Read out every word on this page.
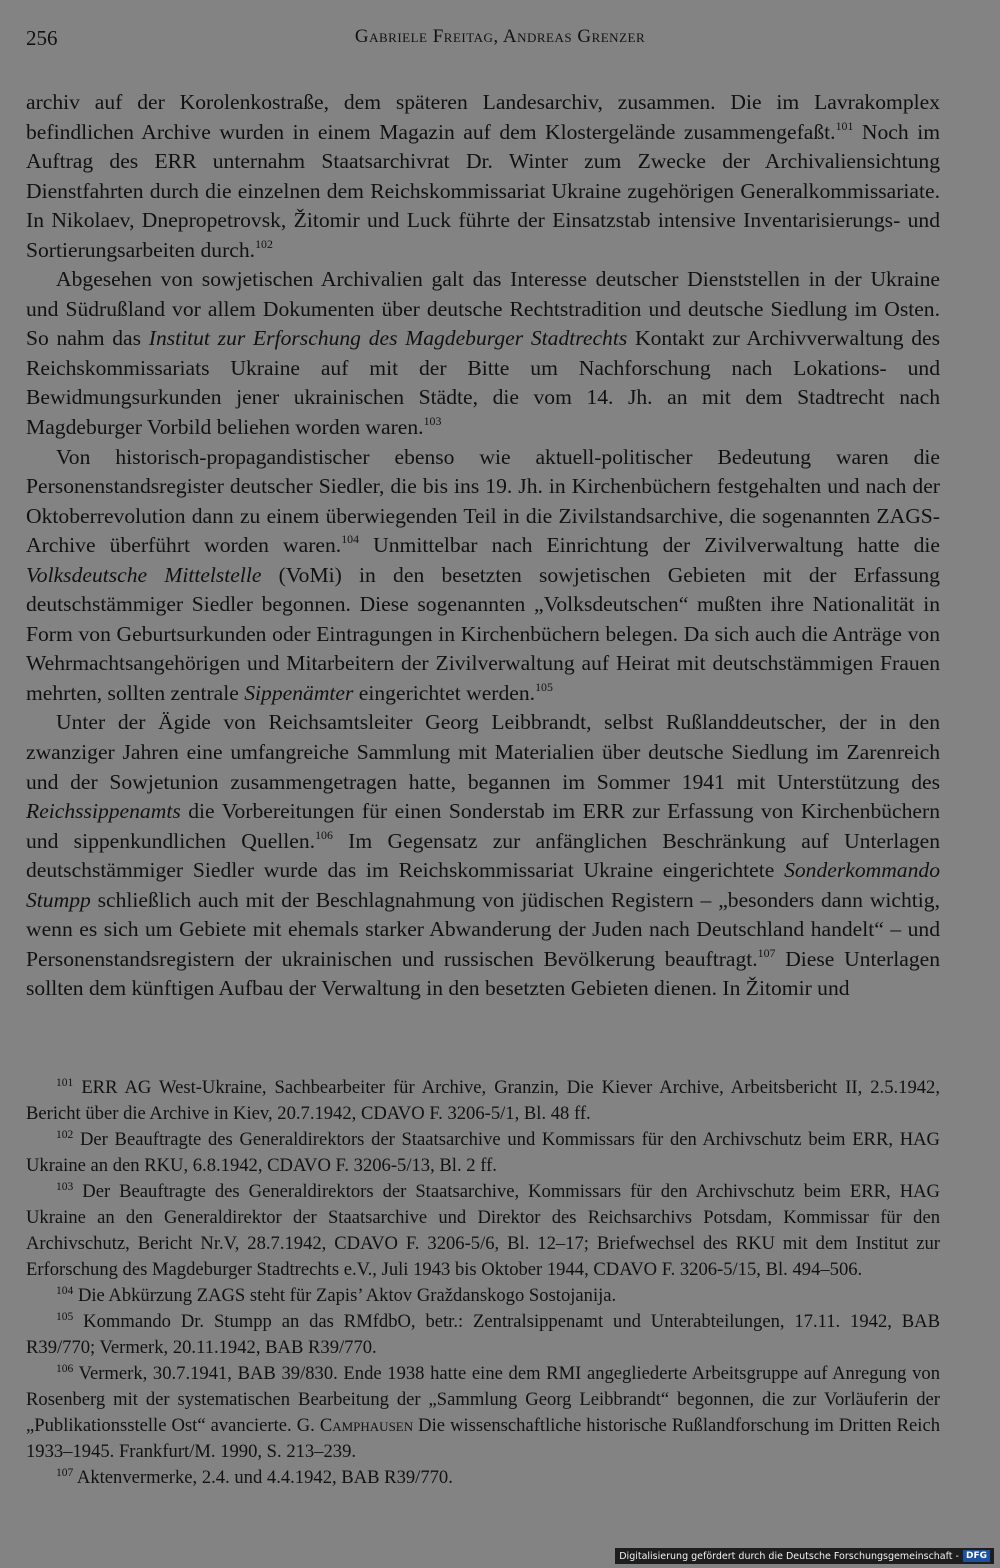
256	Gabriele Freitag, Andreas Grenzer

archiv auf der Korolenkostraße, dem späteren Landesarchiv, zusammen. Die im Lavrakomplex befindlichen Archive wurden in einem Magazin auf dem Klostergelände zusammengefaßt.$^{101}$ Noch im Auftrag des ERR unternahm Staatsarchivrat Dr. Winter zum Zwecke der Archivaliensichtung Dienstfahrten durch die einzelnen dem Reichskommissariat Ukraine zugehörigen Generalkommissariate. In Nikolaev, Dnepropetrovsk, Žitomir und Luck führte der Einsatzstab intensive Inventarisierungs- und Sortierungsarbeiten durch.$^{102}$

Abgesehen von sowjetischen Archivalien galt das Interesse deutscher Dienststellen in der Ukraine und Südrußland vor allem Dokumenten über deutsche Rechtstradition und deutsche Siedlung im Osten. So nahm das Institut zur Erforschung des Magdeburger Stadtrechts Kontakt zur Archivverwaltung des Reichskommissariats Ukraine auf mit der Bitte um Nachforschung nach Lokations- und Bewidmungsurkunden jener ukrainischen Städte, die vom 14. Jh. an mit dem Stadtrecht nach Magdeburger Vorbild beliehen worden waren.$^{103}$

Von historisch-propagandistischer ebenso wie aktuell-politischer Bedeutung waren die Personenstandsregister deutscher Siedler, die bis ins 19. Jh. in Kirchenbüchern festgehalten und nach der Oktoberrevolution dann zu einem überwiegenden Teil in die Zivilstandsarchive, die sogenannten ZAGS-Archive überführt worden waren.$^{104}$ Unmittelbar nach Einrichtung der Zivilverwaltung hatte die Volksdeutsche Mittelstelle (VoMi) in den besetzten sowjetischen Gebieten mit der Erfassung deutschstämmiger Siedler begonnen. Diese sogenannten „Volksdeutschen“ mußten ihre Nationalität in Form von Geburtsurkunden oder Eintragungen in Kirchenbüchern belegen. Da sich auch die Anträge von Wehrmachtsangehörigen und Mitarbeitern der Zivilverwaltung auf Heirat mit deutschstämmigen Frauen mehrten, sollten zentrale Sippenämter eingerichtet werden.$^{105}$

Unter der Ägide von Reichsamtsleiter Georg Leibbrandt, selbst Rußlanddeutscher, der in den zwanziger Jahren eine umfangreiche Sammlung mit Materialien über deutsche Siedlung im Zarenreich und der Sowjetunion zusammengetragen hatte, begannen im Sommer 1941 mit Unterstützung des Reichssippenamts die Vorbereitungen für einen Sonderstab im ERR zur Erfassung von Kirchenbüchern und sippenkundlichen Quellen.$^{106}$ Im Gegensatz zur anfänglichen Beschränkung auf Unterlagen deutschstämmiger Siedler wurde das im Reichskommissariat Ukraine eingerichtete Sonderkommando Stumpp schließlich auch mit der Beschlagnahmung von jüdischen Registern – „besonders dann wichtig, wenn es sich um Gebiete mit ehemals starker Abwanderung der Juden nach Deutschland handelt“ – und Personenstandsregistern der ukrainischen und russischen Bevölkerung beauftragt.$^{107}$ Diese Unterlagen sollten dem künftigen Aufbau der Verwaltung in den besetzten Gebieten dienen. In Žitomir und

$^{101}$ ERR AG West-Ukraine, Sachbearbeiter für Archive, Granzin, Die Kiever Archive, Arbeitsbericht II, 2.5.1942, Bericht über die Archive in Kiev, 20.7.1942, CDAVO F. 3206-5/1, Bl. 48 ff.

$^{102}$ Der Beauftragte des Generaldirektors der Staatsarchive und Kommissars für den Archivschutz beim ERR, HAG Ukraine an den RKU, 6.8.1942, CDAVO F. 3206-5/13, Bl. 2 ff.

$^{103}$ Der Beauftragte des Generaldirektors der Staatsarchive, Kommissars für den Archivschutz beim ERR, HAG Ukraine an den Generaldirektor der Staatsarchive und Direktor des Reichsarchivs Potsdam, Kommissar für den Archivschutz, Bericht Nr.V, 28.7.1942, CDAVO F. 3206-5/6, Bl. 12–17; Briefwechsel des RKU mit dem Institut zur Erforschung des Magdeburger Stadtrechts e.V., Juli 1943 bis Oktober 1944, CDAVO F. 3206-5/15, Bl. 494–506.

$^{104}$ Die Abkürzung ZAGS steht für Zapis’ Aktov Graždanskogo Sostojanija.

$^{105}$ Kommando Dr. Stumpp an das RMfdbO, betr.: Zentralsippenamt und Unterabteilungen, 17.11. 1942, BAB R39/770; Vermerk, 20.11.1942, BAB R39/770.

$^{106}$ Vermerk, 30.7.1941, BAB 39/830. Ende 1938 hatte eine dem RMI angegliederte Arbeitsgruppe auf Anregung von Rosenberg mit der systematischen Bearbeitung der „Sammlung Georg Leibbrandt“ begonnen, die zur Vorläuferin der „Publikationsstelle Ost“ avancierte. G. Camphausen Die wissenschaftliche historische Rußlandforschung im Dritten Reich 1933–1945. Frankfurt/M. 1990, S. 213–239.

$^{107}$ Aktenvermerke, 2.4. und 4.4.1942, BAB R39/770.

Digitalisierung gefördert durch die Deutsche Forschungsgemeinschaft - DFG
